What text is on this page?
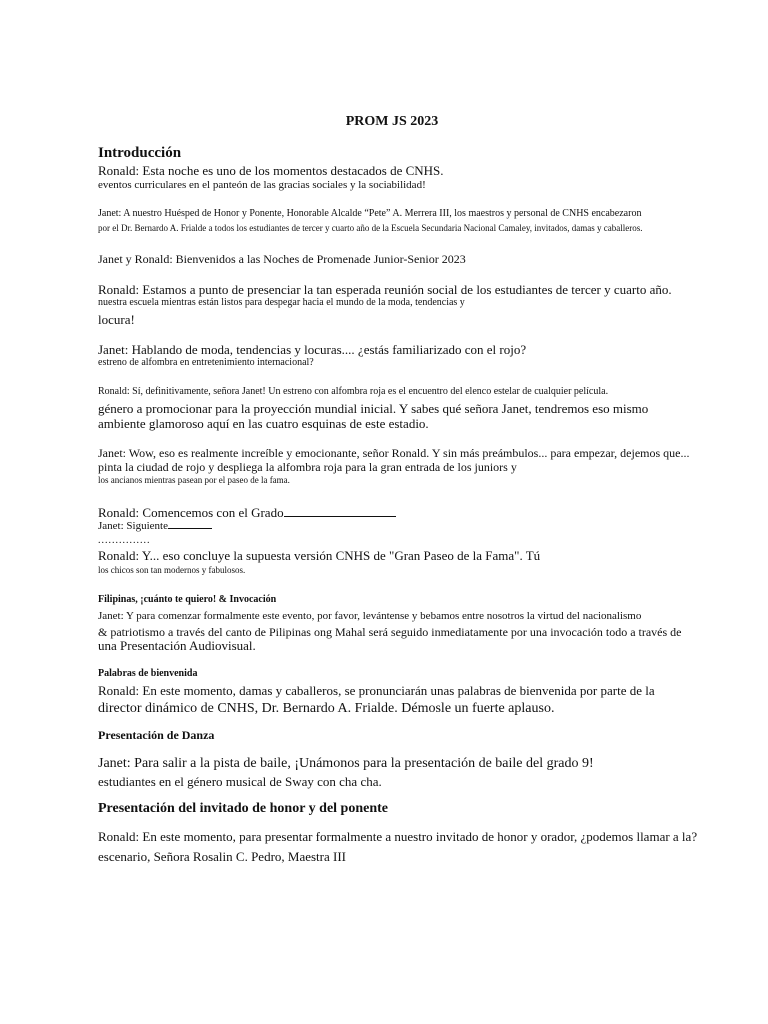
PROM JS 2023
Introducción
Ronald: Esta noche es uno de los momentos destacados de CNHS.
eventos curriculares en el panteón de las gracias sociales y la sociabilidad!
Janet: A nuestro Huésped de Honor y Ponente, Honorable Alcalde “Pete” A. Merrera III, los maestros y personal de CNHS encabezaron
por el Dr. Bernardo A. Frialde a todos los estudiantes de tercer y cuarto año de la Escuela Secundaria Nacional Camaley, invitados, damas y caballeros.
Janet y Ronald: Bienvenidos a las Noches de Promenade Junior-Senior 2023
Ronald: Estamos a punto de presenciar la tan esperada reunión social de los estudiantes de tercer y cuarto año.
nuestra escuela mientras están listos para despegar hacia el mundo de la moda, tendencias y
locura!
Janet: Hablando de moda, tendencias y locuras.... ¿estás familiarizado con el rojo?
estreno de alfombra en entretenimiento internacional?
Ronald: Sí, definitivamente, señora Janet! Un estreno con alfombra roja es el encuentro del elenco estelar de cualquier película.
género a promocionar para la proyección mundial inicial. Y sabes qué señora Janet, tendremos eso mismo
ambiente glamoroso aquí en las cuatro esquinas de este estadio.
Janet: Wow, eso es realmente increíble y emocionante, señor Ronald. Y sin más preámbulos... para empezar, dejemos que...
pinta la ciudad de rojo y despliega la alfombra roja para la gran entrada de los juniors y
los ancianos mientras pasean por el paseo de la fama.
Ronald: Comencemos con el Grado
Janet: Siguiente
...............
Ronald: Y... eso concluye la supuesta versión CNHS de "Gran Paseo de la Fama". Tú
los chicos son tan modernos y fabulosos.
Filipinas, ¡cuánto te quiero! & Invocación
Janet: Y para comenzar formalmente este evento, por favor, levántense y bebamos entre nosotros la virtud del nacionalismo
& patriotismo a través del canto de Pilipinas ong Mahal será seguido inmediatamente por una invocación todo a través de
una Presentación Audiovisual.
Palabras de bienvenida
Ronald: En este momento, damas y caballeros, se pronunciarán unas palabras de bienvenida por parte de la
director dinámico de CNHS, Dr. Bernardo A. Frialde. Démosle un fuerte aplauso.
Presentación de Danza
Janet: Para salir a la pista de baile, ¡Unámonos para la presentación de baile del grado 9!
estudiantes en el género musical de Sway con cha cha.
Presentación del invitado de honor y del ponente
Ronald: En este momento, para presentar formalmente a nuestro invitado de honor y orador, ¿podemos llamar a la?
escenario, Señora Rosalin C. Pedro, Maestra III
